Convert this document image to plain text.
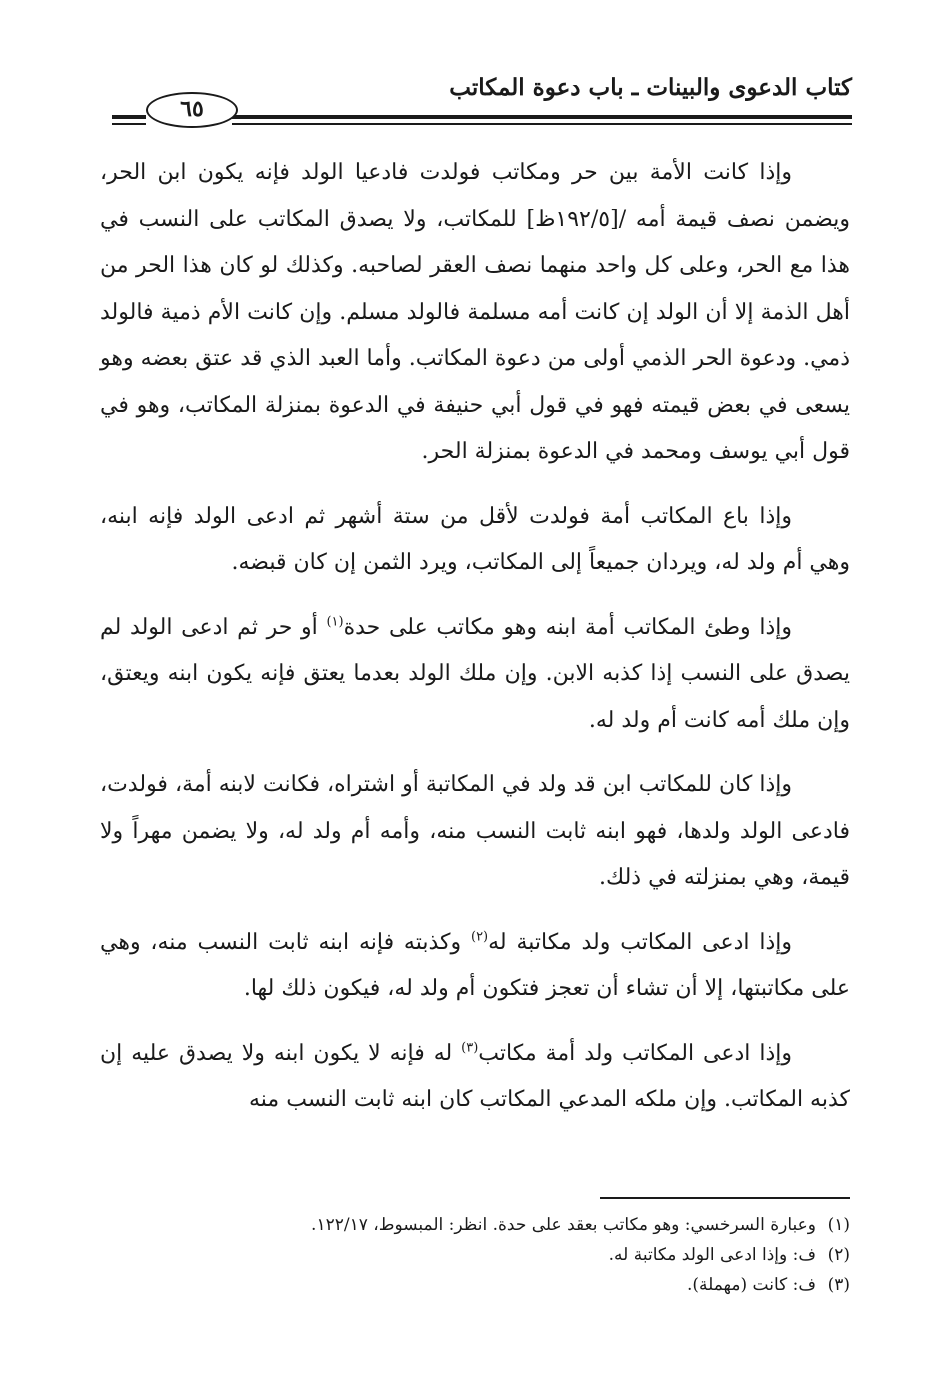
كتاب الدعوى والبينات ـ باب دعوة المكاتب
٦٥

وإذا كانت الأمة بين حر ومكاتب فولدت فادعيا الولد فإنه يكون ابن الحر، ويضمن نصف قيمة أمه /[١٩٢/٥ظ] للمكاتب، ولا يصدق المكاتب على النسب في هذا مع الحر، وعلى كل واحد منهما نصف العقر لصاحبه. وكذلك لو كان هذا الحر من أهل الذمة إلا أن الولد إن كانت أمه مسلمة فالولد مسلم. وإن كانت الأم ذمية فالولد ذمي. ودعوة الحر الذمي أولى من دعوة المكاتب. وأما العبد الذي قد عتق بعضه وهو يسعى في بعض قيمته فهو في قول أبي حنيفة في الدعوة بمنزلة المكاتب، وهو في قول أبي يوسف ومحمد في الدعوة بمنزلة الحر.

وإذا باع المكاتب أمة فولدت لأقل من ستة أشهر ثم ادعى الولد فإنه ابنه، وهي أم ولد له، ويردان جميعاً إلى المكاتب، ويرد الثمن إن كان قبضه.

وإذا وطئ المكاتب أمة ابنه وهو مكاتب على حدة$^{(١)}$ أو حر ثم ادعى الولد لم يصدق على النسب إذا كذبه الابن. وإن ملك الولد بعدما يعتق فإنه يكون ابنه ويعتق، وإن ملك أمه كانت أم ولد له.

وإذا كان للمكاتب ابن قد ولد في المكاتبة أو اشتراه، فكانت لابنه أمة، فولدت، فادعى الولد ولدها، فهو ابنه ثابت النسب منه، وأمه أم ولد له، ولا يضمن مهراً ولا قيمة، وهي بمنزلته في ذلك.

وإذا ادعى المكاتب ولد مكاتبة له$^{(٢)}$ وكذبته فإنه ابنه ثابت النسب منه، وهي على مكاتبتها، إلا أن تشاء أن تعجز فتكون أم ولد له، فيكون ذلك لها.

وإذا ادعى المكاتب ولد أمة مكاتب$^{(٣)}$ له فإنه لا يكون ابنه ولا يصدق عليه إن كذبه المكاتب. وإن ملكه المدعي المكاتب كان ابنه ثابت النسب منه

(١)وعبارة السرخسي: وهو مكاتب بعقد على حدة. انظر: المبسوط، ١٢٢/١٧.
(٢)ف: وإذا ادعى الولد مكاتبة له.
(٣)ف: كانت (مهملة).
